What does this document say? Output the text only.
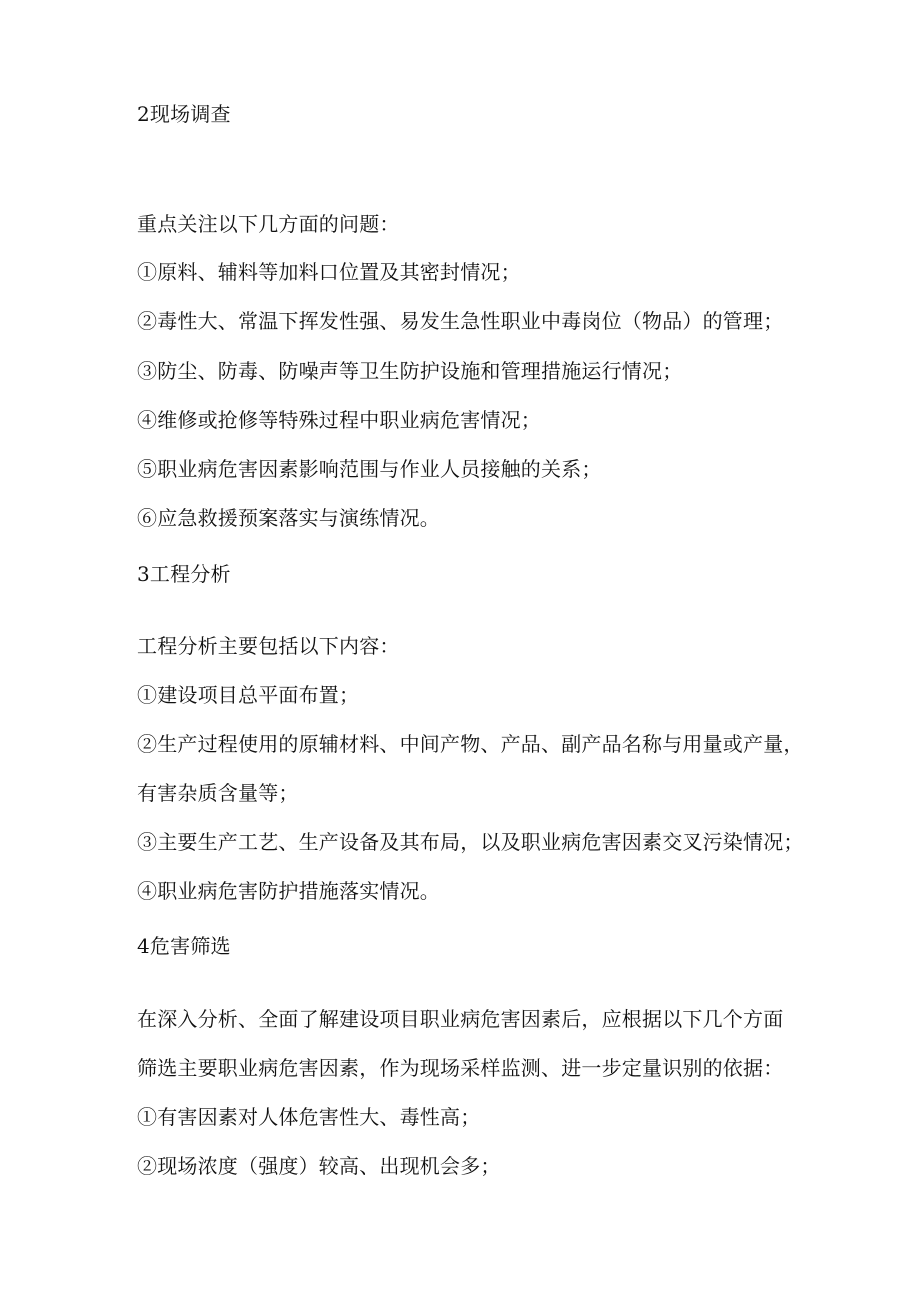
2现场调查
重点关注以下几方面的问题：
①原料、辅料等加料口位置及其密封情况；
②毒性大、常温下挥发性强、易发生急性职业中毒岗位（物品）的管理；
③防尘、防毒、防噪声等卫生防护设施和管理措施运行情况；
④维修或抢修等特殊过程中职业病危害情况；
⑤职业病危害因素影响范围与作业人员接触的关系；
⑥应急救援预案落实与演练情况。
3工程分析
工程分析主要包括以下内容：
①建设项目总平面布置；
②生产过程使用的原辅材料、中间产物、产品、副产品名称与用量或产量，
有害杂质含量等；
③主要生产工艺、生产设备及其布局，以及职业病危害因素交叉污染情况；
④职业病危害防护措施落实情况。
4危害筛选
在深入分析、全面了解建设项目职业病危害因素后，应根据以下几个方面
筛选主要职业病危害因素，作为现场采样监测、进一步定量识别的依据：
①有害因素对人体危害性大、毒性高；
②现场浓度（强度）较高、出现机会多；
